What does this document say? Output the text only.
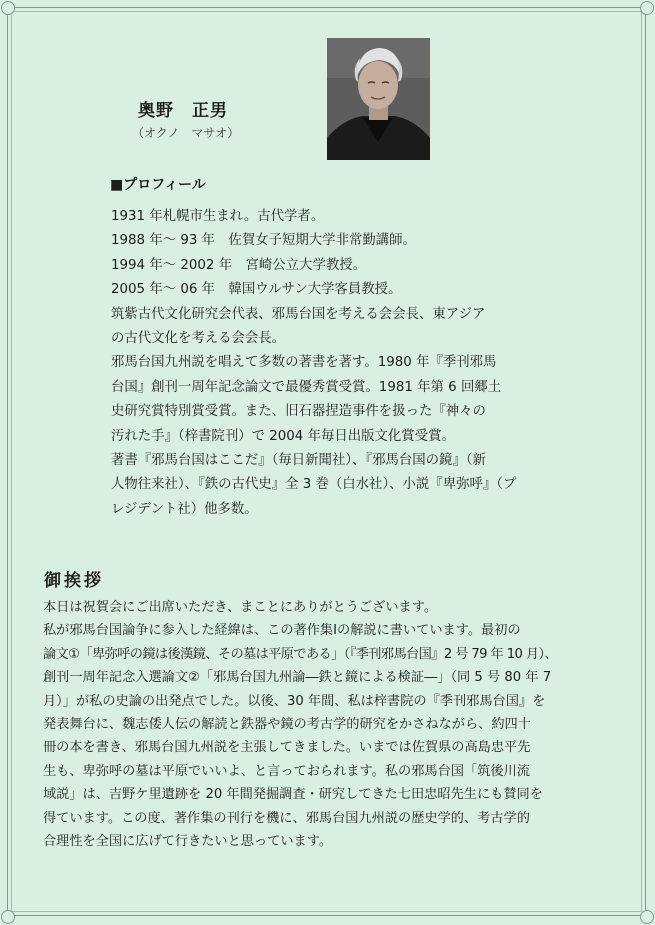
奥野　正男
（オクノ　マサオ）
■プロフィール
1931 年札幌市生まれ。古代学者。
1988 年～ 93 年　佐賀女子短期大学非常勤講師。
1994 年～ 2002 年　宮崎公立大学教授。
2005 年～ 06 年　韓国ウルサン大学客員教授。
筑紫古代文化研究会代表、邪馬台国を考える会会長、東アジア
の古代文化を考える会会長。
邪馬台国九州説を唱えて多数の著書を著す。1980 年『季刊邪馬
台国』創刊一周年記念論文で最優秀賞受賞。1981 年第 6 回郷土
史研究賞特別賞受賞。また、旧石器捏造事件を扱った『神々の
汚れた手』（梓書院刊）で 2004 年毎日出版文化賞受賞。
著書『邪馬台国はここだ』（毎日新聞社）、『邪馬台国の鏡』（新
人物往来社）、『鉄の古代史』全 3 巻（白水社）、小説『卑弥呼』（プ
レジデント社）他多数。
御挨拶
本日は祝賀会にご出席いただき、まことにありがとうございます。
私が邪馬台国論争に参入した経緯は、この著作集Ⅰの解説に書いています。最初の
論文①「卑弥呼の鏡は後漢鏡、その墓は平原である」（『季刊邪馬台国』2 号 79 年 10 月）、
創刊一周年記念入選論文②「邪馬台国九州論―鉄と鏡による検証―」（同 5 号 80 年 7
月）」が私の史論の出発点でした。以後、30 年間、私は梓書院の『季刊邪馬台国』を
発表舞台に、魏志倭人伝の解読と鉄器や鏡の考古学的研究をかさねながら、約四十
冊の本を書き、邪馬台国九州説を主張してきました。いまでは佐賀県の高島忠平先
生も、卑弥呼の墓は平原でいいよ、と言っておられます。私の邪馬台国「筑後川流
域説」は、吉野ケ里遺跡を 20 年間発掘調査・研究してきた七田忠昭先生にも賛同を
得ています。この度、著作集の刊行を機に、邪馬台国九州説の歴史学的、考古学的
合理性を全国に広げて行きたいと思っています。
